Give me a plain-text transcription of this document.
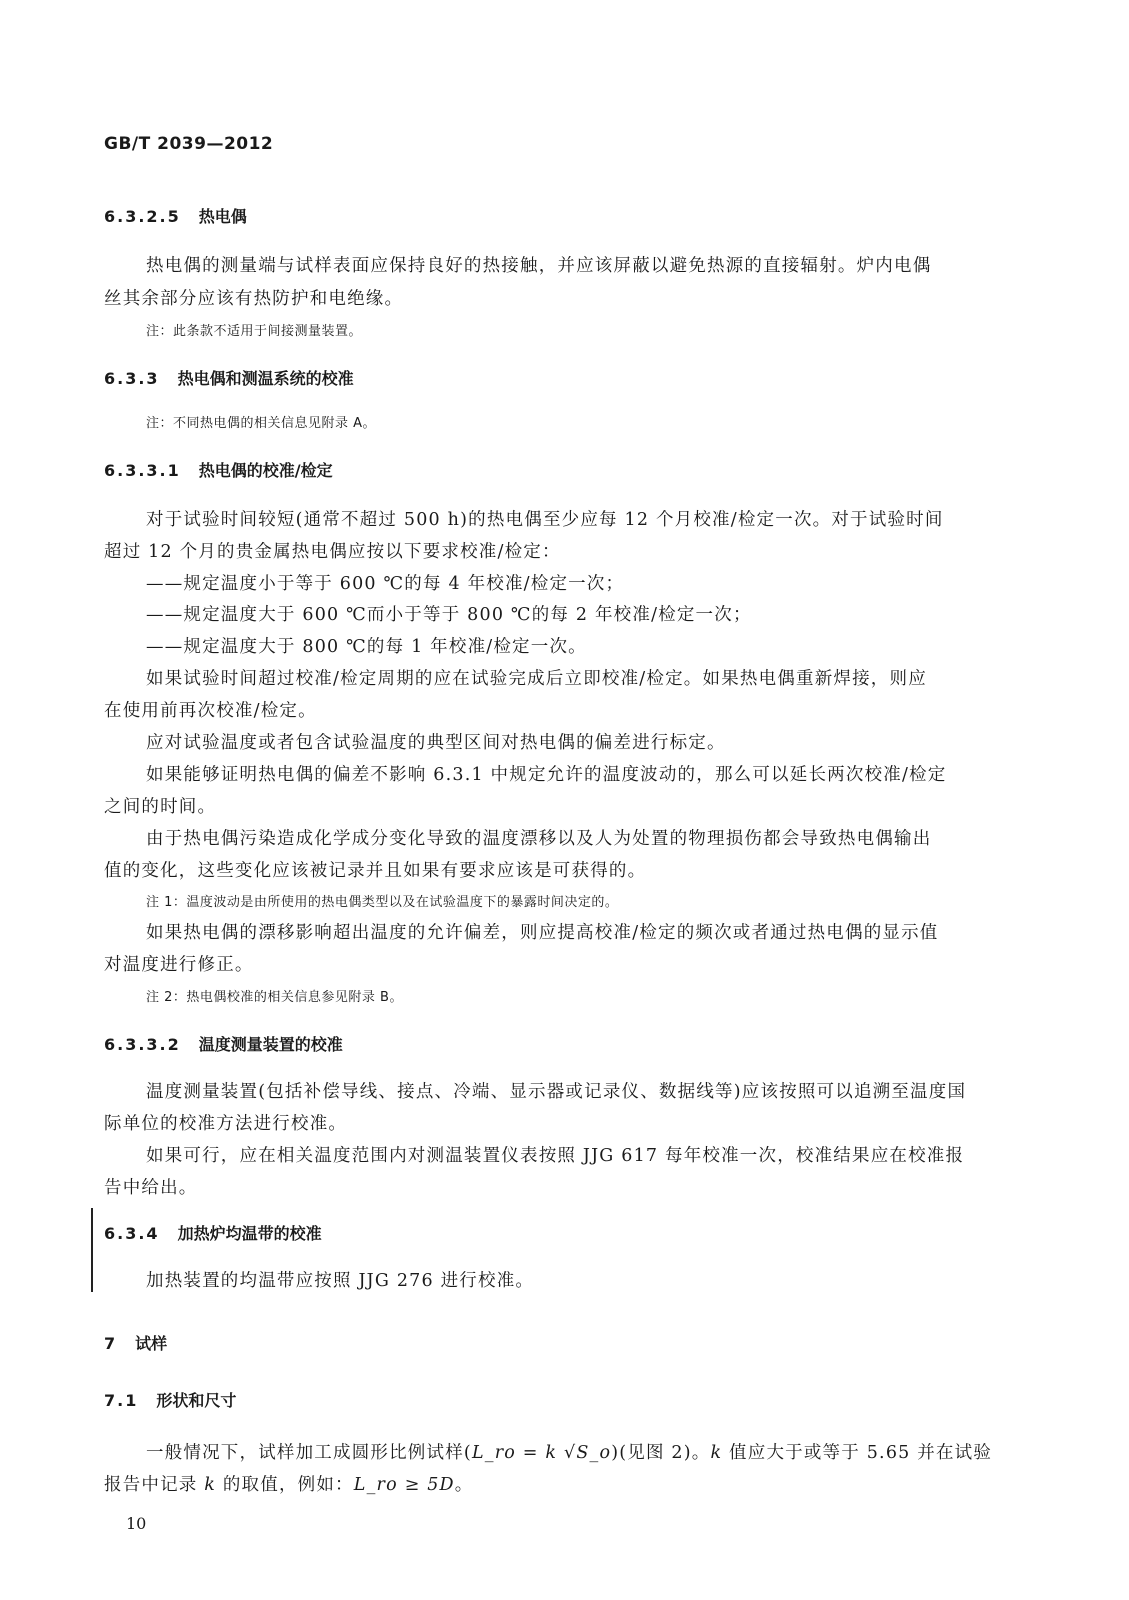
GB/T 2039—2012
6.3.2.5 热电偶
热电偶的测量端与试样表面应保持良好的热接触，并应该屏蔽以避免热源的直接辐射。炉内电偶
丝其余部分应该有热防护和电绝缘。
注：此条款不适用于间接测量装置。
6.3.3 热电偶和测温系统的校准
注：不同热电偶的相关信息见附录 A。
6.3.3.1 热电偶的校准/检定
对于试验时间较短(通常不超过 500 h)的热电偶至少应每 12 个月校准/检定一次。对于试验时间
超过 12 个月的贵金属热电偶应按以下要求校准/检定：
——规定温度小于等于 600 ℃的每 4 年校准/检定一次；
——规定温度大于 600 ℃而小于等于 800 ℃的每 2 年校准/检定一次；
——规定温度大于 800 ℃的每 1 年校准/检定一次。
如果试验时间超过校准/检定周期的应在试验完成后立即校准/检定。如果热电偶重新焊接，则应
在使用前再次校准/检定。
应对试验温度或者包含试验温度的典型区间对热电偶的偏差进行标定。
如果能够证明热电偶的偏差不影响 6.3.1 中规定允许的温度波动的，那么可以延长两次校准/检定
之间的时间。
由于热电偶污染造成化学成分变化导致的温度漂移以及人为处置的物理损伤都会导致热电偶输出
值的变化，这些变化应该被记录并且如果有要求应该是可获得的。
注 1：温度波动是由所使用的热电偶类型以及在试验温度下的暴露时间决定的。
如果热电偶的漂移影响超出温度的允许偏差，则应提高校准/检定的频次或者通过热电偶的显示值
对温度进行修正。
注 2：热电偶校准的相关信息参见附录 B。
6.3.3.2 温度测量装置的校准
温度测量装置(包括补偿导线、接点、冷端、显示器或记录仪、数据线等)应该按照可以追溯至温度国
际单位的校准方法进行校准。
如果可行，应在相关温度范围内对测温装置仪表按照 JJG 617 每年校准一次，校准结果应在校准报
告中给出。
6.3.4 加热炉均温带的校准
加热装置的均温带应按照 JJG 276 进行校准。
7 试样
7.1 形状和尺寸
一般情况下，试样加工成圆形比例试样(L_ro = k √S_o)(见图 2)。k 值应大于或等于 5.65 并在试验
报告中记录 k 的取值，例如：L_ro ≥ 5D。
10
